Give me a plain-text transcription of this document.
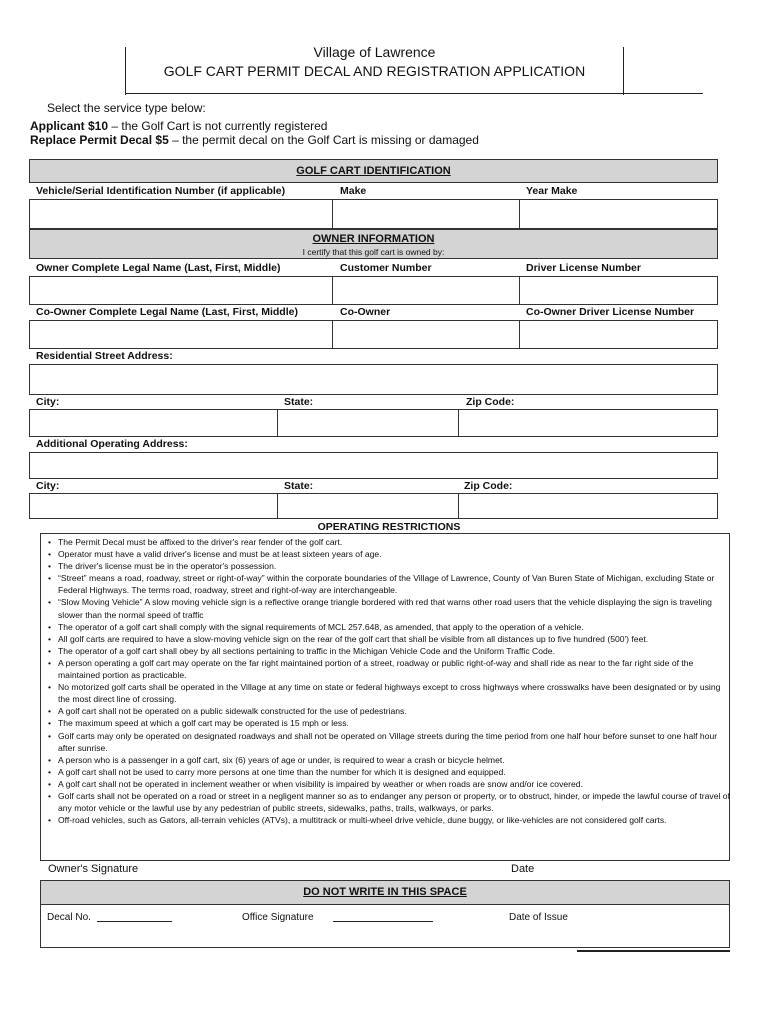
Village of Lawrence
GOLF CART PERMIT DECAL AND REGISTRATION APPLICATION
Select the service type below:
Applicant $10 – the Golf Cart is not currently registered
Replace Permit Decal $5 – the permit decal on the Golf Cart is missing or damaged
GOLF CART IDENTIFICATION
Vehicle/Serial Identification Number (if applicable)	Make	Year Make
OWNER INFORMATION
I certify that this golf cart is owned by:
Owner Complete Legal Name (Last, First, Middle)	Customer Number	Driver License Number
Co-Owner Complete Legal Name (Last, First, Middle)	Co-Owner	Co-Owner Driver License Number
Residential Street Address:
City:	State:	Zip Code:
Additional Operating Address:
City:	State:	Zip Code:
OPERATING RESTRICTIONS
• The Permit Decal must be affixed to the driver's rear fender of the golf cart.
• Operator must have a valid driver's license and must be at least sixteen years of age.
• The driver's license must be in the operator's possession.
• “Street” means a road, roadway, street or right-of-way” within the corporate boundaries of the Village of Lawrence, County of Van Buren State of Michigan, excluding State or Federal Highways. The terms road, roadway, street and right-of-way are interchangeable.
• “Slow Moving Vehicle” A slow moving vehicle sign is a reflective orange triangle bordered with red that warns other road users that the vehicle displaying the sign is traveling slower than the normal speed of traffic
• The operator of a golf cart shall comply with the signal requirements of MCL 257.648, as amended, that apply to the operation of a vehicle.
• All golf carts are required to have a slow-moving vehicle sign on the rear of the golf cart that shall be visible from all distances up to five hundred (500') feet.
• The operator of a golf cart shall obey by all sections pertaining to traffic in the Michigan Vehicle Code and the Uniform Traffic Code.
• A person operating a golf cart may operate on the far right maintained portion of a street, roadway or public right-of-way and shall ride as near to the far right side of the maintained portion as practicable.
• No motorized golf carts shall be operated in the Village at any time on state or federal highways except to cross highways where crosswalks have been designated or by using the most direct line of crossing.
• A golf cart shall not be operated on a public sidewalk constructed for the use of pedestrians.
• The maximum speed at which a golf cart may be operated is 15 mph or less.
• Golf carts may only be operated on designated roadways and shall not be operated on Village streets during the time period from one half hour before sunset to one half hour after sunrise.
• A person who is a passenger in a golf cart, six (6) years of age or under, is required to wear a crash or bicycle helmet.
• A golf cart shall not be used to carry more persons at one time than the number for which it is designed and equipped.
• A golf cart shall not be operated in inclement weather or when visibility is impaired by weather or when roads are snow and/or ice covered.
• Golf carts shall not be operated on a road or street in a negligent manner so as to endanger any person or property, or to obstruct, hinder, or impede the lawful course of travel of any motor vehicle or the lawful use by any pedestrian of public streets, sidewalks, paths, trails, walkways, or parks.
• Off-road vehicles, such as Gators, all-terrain vehicles (ATVs), a multitrack or multi-wheel drive vehicle, dune buggy, or like-vehicles are not considered golf carts.
Owner's Signature	Date
DO NOT WRITE IN THIS SPACE
Decal No.	Office Signature	Date of Issue
